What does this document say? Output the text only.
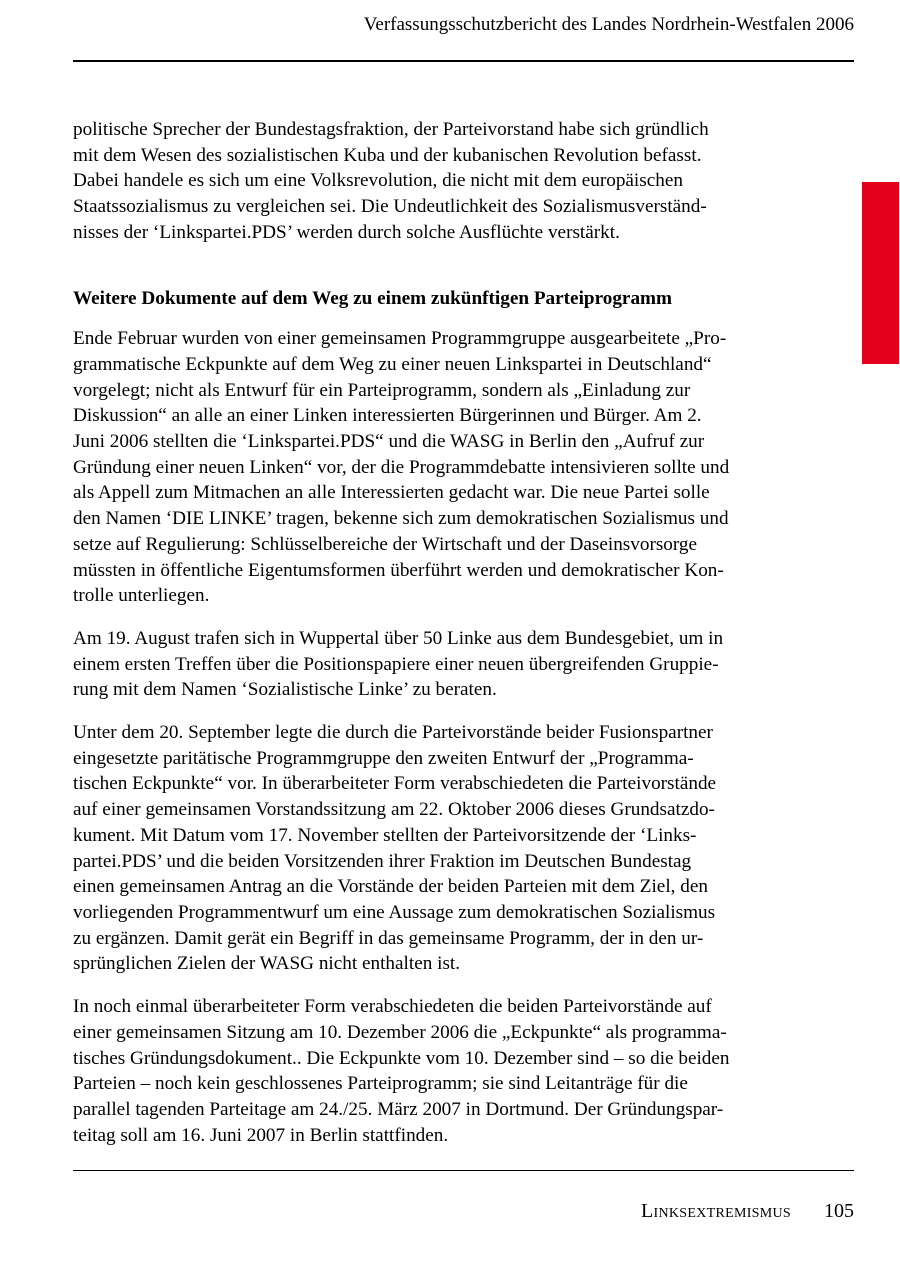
Verfassungsschutzbericht des Landes Nordrhein-Westfalen 2006

politische Sprecher der Bundestagsfraktion, der Parteivorstand habe sich gründlich
mit dem Wesen des sozialistischen Kuba und der kubanischen Revolution befasst.
Dabei handele es sich um eine Volksrevolution, die nicht mit dem europäischen
Staatssozialismus zu vergleichen sei. Die Undeutlichkeit des Sozialismusverständ-
nisses der ‘Linkspartei.PDS’ werden durch solche Ausflüchte verstärkt.

Weitere Dokumente auf dem Weg zu einem zukünftigen Parteiprogramm

Ende Februar wurden von einer gemeinsamen Programmgruppe ausgearbeitete „Pro-
grammatische Eckpunkte auf dem Weg zu einer neuen Linkspartei in Deutschland“
vorgelegt; nicht als Entwurf für ein Parteiprogramm, sondern als „Einladung zur
Diskussion“ an alle an einer Linken interessierten Bürgerinnen und Bürger. Am 2.
Juni 2006 stellten die ‘Linkspartei.PDS“ und die WASG in Berlin den „Aufruf zur
Gründung einer neuen Linken“ vor, der die Programmdebatte intensivieren sollte und
als Appell zum Mitmachen an alle Interessierten gedacht war. Die neue Partei solle
den Namen ‘DIE LINKE’ tragen, bekenne sich zum demokratischen Sozialismus und
setze auf Regulierung: Schlüsselbereiche der Wirtschaft und der Daseinsvorsorge
müssten in öffentliche Eigentumsformen überführt werden und demokratischer Kon-
trolle unterliegen.

Am 19. August trafen sich in Wuppertal über 50 Linke aus dem Bundesgebiet, um in
einem ersten Treffen über die Positionspapiere einer neuen übergreifenden Gruppie-
rung mit dem Namen ‘Sozialistische Linke’ zu beraten.

Unter dem 20. September legte die durch die Parteivorstände beider Fusionspartner
eingesetzte paritätische Programmgruppe den zweiten Entwurf der „Programma-
tischen Eckpunkte“ vor. In überarbeiteter Form verabschiedeten die Parteivorstände
auf einer gemeinsamen Vorstandssitzung am 22. Oktober 2006 dieses Grundsatzdo-
kument. Mit Datum vom 17. November stellten der Parteivorsitzende der ‘Links-
partei.PDS’ und die beiden Vorsitzenden ihrer Fraktion im Deutschen Bundestag
einen gemeinsamen Antrag an die Vorstände der beiden Parteien mit dem Ziel, den
vorliegenden Programmentwurf um eine Aussage zum demokratischen Sozialismus
zu ergänzen. Damit gerät ein Begriff in das gemeinsame Programm, der in den ur-
sprünglichen Zielen der WASG nicht enthalten ist.

In noch einmal überarbeiteter Form verabschiedeten die beiden Parteivorstände auf
einer gemeinsamen Sitzung am 10. Dezember 2006 die „Eckpunkte“ als programma-
tisches Gründungsdokument.. Die Eckpunkte vom 10. Dezember sind – so die beiden
Parteien – noch kein geschlossenes Parteiprogramm; sie sind Leitanträge für die
parallel tagenden Parteitage am 24./25. März 2007 in Dortmund. Der Gründungspar-
teitag soll am 16. Juni 2007 in Berlin stattfinden.

Linksextremismus 105
